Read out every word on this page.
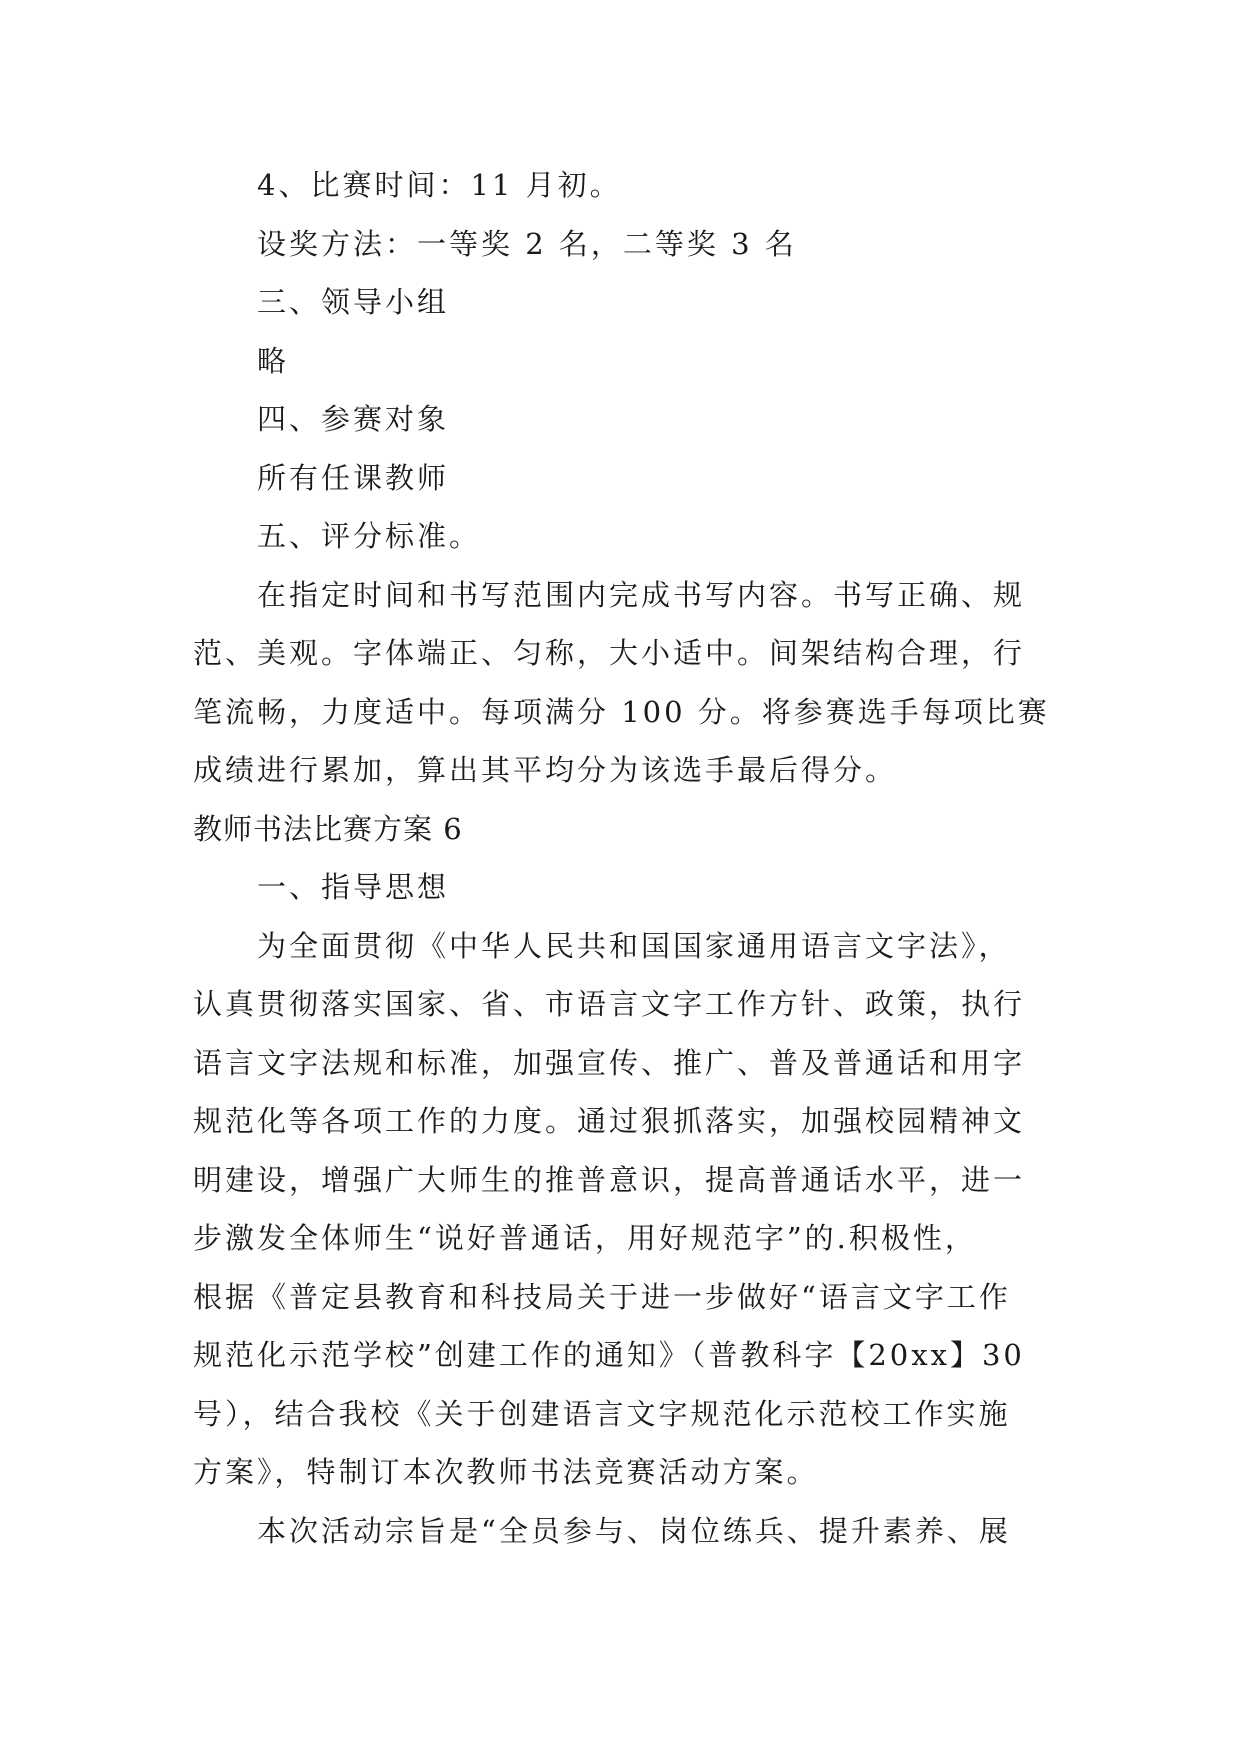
4、比赛时间：11 月初。
设奖方法：一等奖 2 名，二等奖 3 名
三、领导小组
略
四、参赛对象
所有任课教师
五、评分标准。
在指定时间和书写范围内完成书写内容。书写正确、规
范、美观。字体端正、匀称，大小适中。间架结构合理，行
笔流畅，力度适中。每项满分 100 分。将参赛选手每项比赛
成绩进行累加，算出其平均分为该选手最后得分。
教师书法比赛方案 6
一、指导思想
为全面贯彻《中华人民共和国国家通用语言文字法》，
认真贯彻落实国家、省、市语言文字工作方针、政策，执行
语言文字法规和标准，加强宣传、推广、普及普通话和用字
规范化等各项工作的力度。通过狠抓落实，加强校园精神文
明建设，增强广大师生的推普意识，提高普通话水平，进一
步激发全体师生“说好普通话，用好规范字”的.积极性，
根据《普定县教育和科技局关于进一步做好“语言文字工作
规范化示范学校”创建工作的通知》（普教科字【20xx】30
号），结合我校《关于创建语言文字规范化示范校工作实施
方案》，特制订本次教师书法竞赛活动方案。
本次活动宗旨是“全员参与、岗位练兵、提升素养、展
